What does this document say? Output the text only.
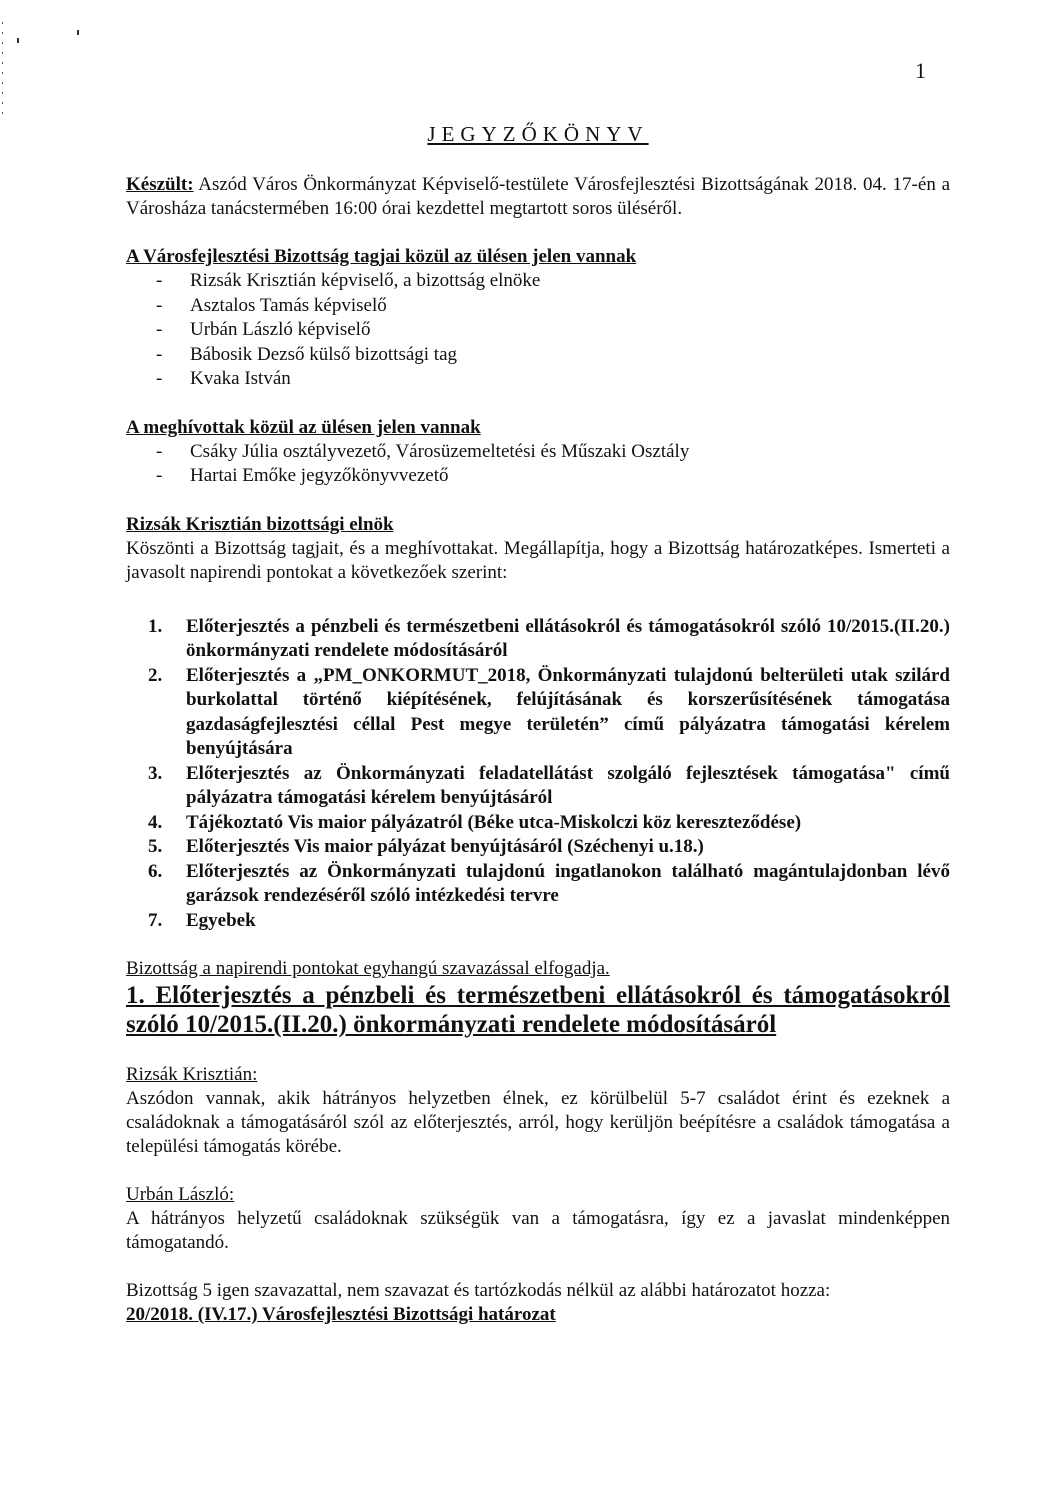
1
JEGYZŐKÖNYV

Készült: Aszód Város Önkormányzat Képviselő-testülete Városfejlesztési Bizottságának 2018. 04. 17-én a Városháza tanácstermében 16:00 órai kezdettel megtartott soros üléséről.

A Városfejlesztési Bizottság tagjai közül az ülésen jelen vannak

-	Rizsák Krisztián képviselő, a bizottság elnöke
-	Asztalos Tamás képviselő
-	Urbán László képviselő
-	Bábosik Dezső külső bizottsági tag
-	Kvaka István

A meghívottak közül az ülésen jelen vannak

-	Csáky Júlia osztályvezető, Városüzemeltetési és Műszaki Osztály
-	Hartai Emőke jegyzőkönyvvezető

Rizsák Krisztián bizottsági elnök

Köszönti a Bizottság tagjait, és a meghívottakat. Megállapítja, hogy a Bizottság határozatképes. Ismerteti a javasolt napirendi pontokat a következőek szerint:

1.	Előterjesztés a pénzbeli és természetbeni ellátásokról és támogatásokról szóló 10/2015.(II.20.) önkormányzati rendelete módosításáról
2.	Előterjesztés a „PM_ONKORMUT_2018, Önkormányzati tulajdonú belterületi utak szilárd burkolattal történő kiépítésének, felújításának és korszerűsítésének támogatása gazdaságfejlesztési céllal Pest megye területén” című pályázatra támogatási kérelem benyújtására
3.	Előterjesztés az Önkormányzati feladatellátást szolgáló fejlesztések támogatása" című pályázatra támogatási kérelem benyújtásáról
4.	Tájékoztató Vis maior pályázatról (Béke utca-Miskolczi köz kereszteződése)
5.	Előterjesztés Vis maior pályázat benyújtásáról (Széchenyi u.18.)
6.	Előterjesztés az Önkormányzati tulajdonú ingatlanokon található magántulajdonban lévő garázsok rendezéséről szóló intézkedési tervre
7.	Egyebek

Bizottság a napirendi pontokat egyhangú szavazással elfogadja.

1. Előterjesztés a pénzbeli és természetbeni ellátásokról és támogatásokról szóló 10/2015.(II.20.) önkormányzati rendelete módosításáról

Rizsák Krisztián:

Aszódon vannak, akik hátrányos helyzetben élnek, ez körülbelül 5-7 családot érint és ezeknek a családoknak a támogatásáról szól az előterjesztés, arról, hogy kerüljön beépítésre a családok támogatása a települési támogatás körébe.

Urbán László:

A hátrányos helyzetű családoknak szükségük van a támogatásra, így ez a javaslat mindenképpen támogatandó.

Bizottság 5 igen szavazattal, nem szavazat és tartózkodás nélkül az alábbi határozatot hozza:

20/2018. (IV.17.) Városfejlesztési Bizottsági határozat
